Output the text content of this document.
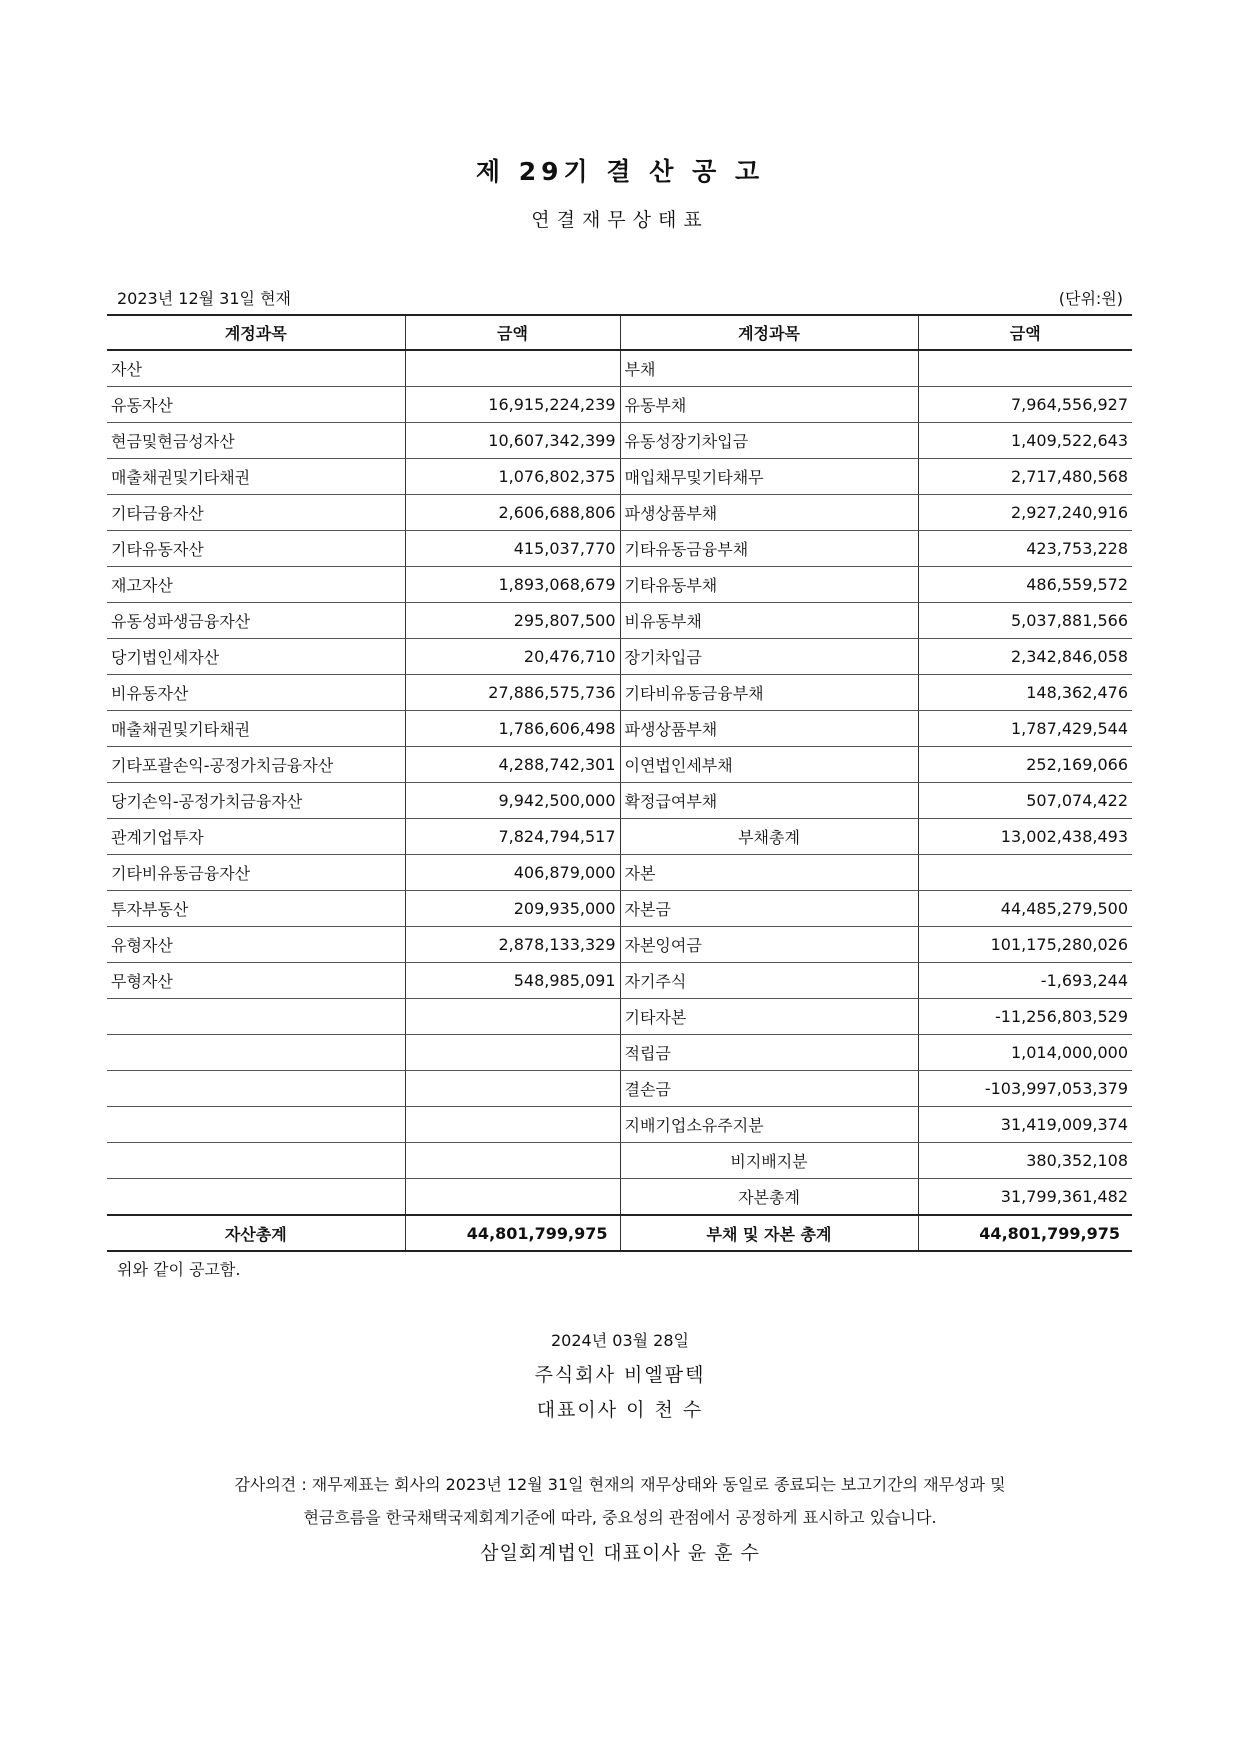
제 29기 결 산 공 고
연결재무상태표
2023년 12월 31일 현재	(단위:원)
계정과목	금액	계정과목	금액
자산		부채	
유동자산	16,915,224,239	유동부채	7,964,556,927
현금및현금성자산	10,607,342,399	유동성장기차입금	1,409,522,643
매출채권및기타채권	1,076,802,375	매입채무및기타채무	2,717,480,568
기타금융자산	2,606,688,806	파생상품부채	2,927,240,916
기타유동자산	415,037,770	기타유동금융부채	423,753,228
재고자산	1,893,068,679	기타유동부채	486,559,572
유동성파생금융자산	295,807,500	비유동부채	5,037,881,566
당기법인세자산	20,476,710	장기차입금	2,342,846,058
비유동자산	27,886,575,736	기타비유동금융부채	148,362,476
매출채권및기타채권	1,786,606,498	파생상품부채	1,787,429,544
기타포괄손익-공정가치금융자산	4,288,742,301	이연법인세부채	252,169,066
당기손익-공정가치금융자산	9,942,500,000	확정급여부채	507,074,422
관계기업투자	7,824,794,517	부채총계	13,002,438,493
기타비유동금융자산	406,879,000	자본	
투자부동산	209,935,000	자본금	44,485,279,500
유형자산	2,878,133,329	자본잉여금	101,175,280,026
무형자산	548,985,091	자기주식	-1,693,244
		기타자본	-11,256,803,529
		적립금	1,014,000,000
		결손금	-103,997,053,379
		지배기업소유주지분	31,419,009,374
		비지배지분	380,352,108
		자본총계	31,799,361,482
자산총계	44,801,799,975	부채 및 자본 총계	44,801,799,975
위와 같이 공고함.
2024년 03월 28일
주식회사 비엘팜텍
대표이사 이 천 수
감사의견 : 재무제표는 회사의 2023년 12월 31일 현재의 재무상태와 동일로 종료되는 보고기간의 재무성과 및
현금흐름을 한국채택국제회계기준에 따라, 중요성의 관점에서 공정하게 표시하고 있습니다.
삼일회계법인 대표이사 윤 훈 수
